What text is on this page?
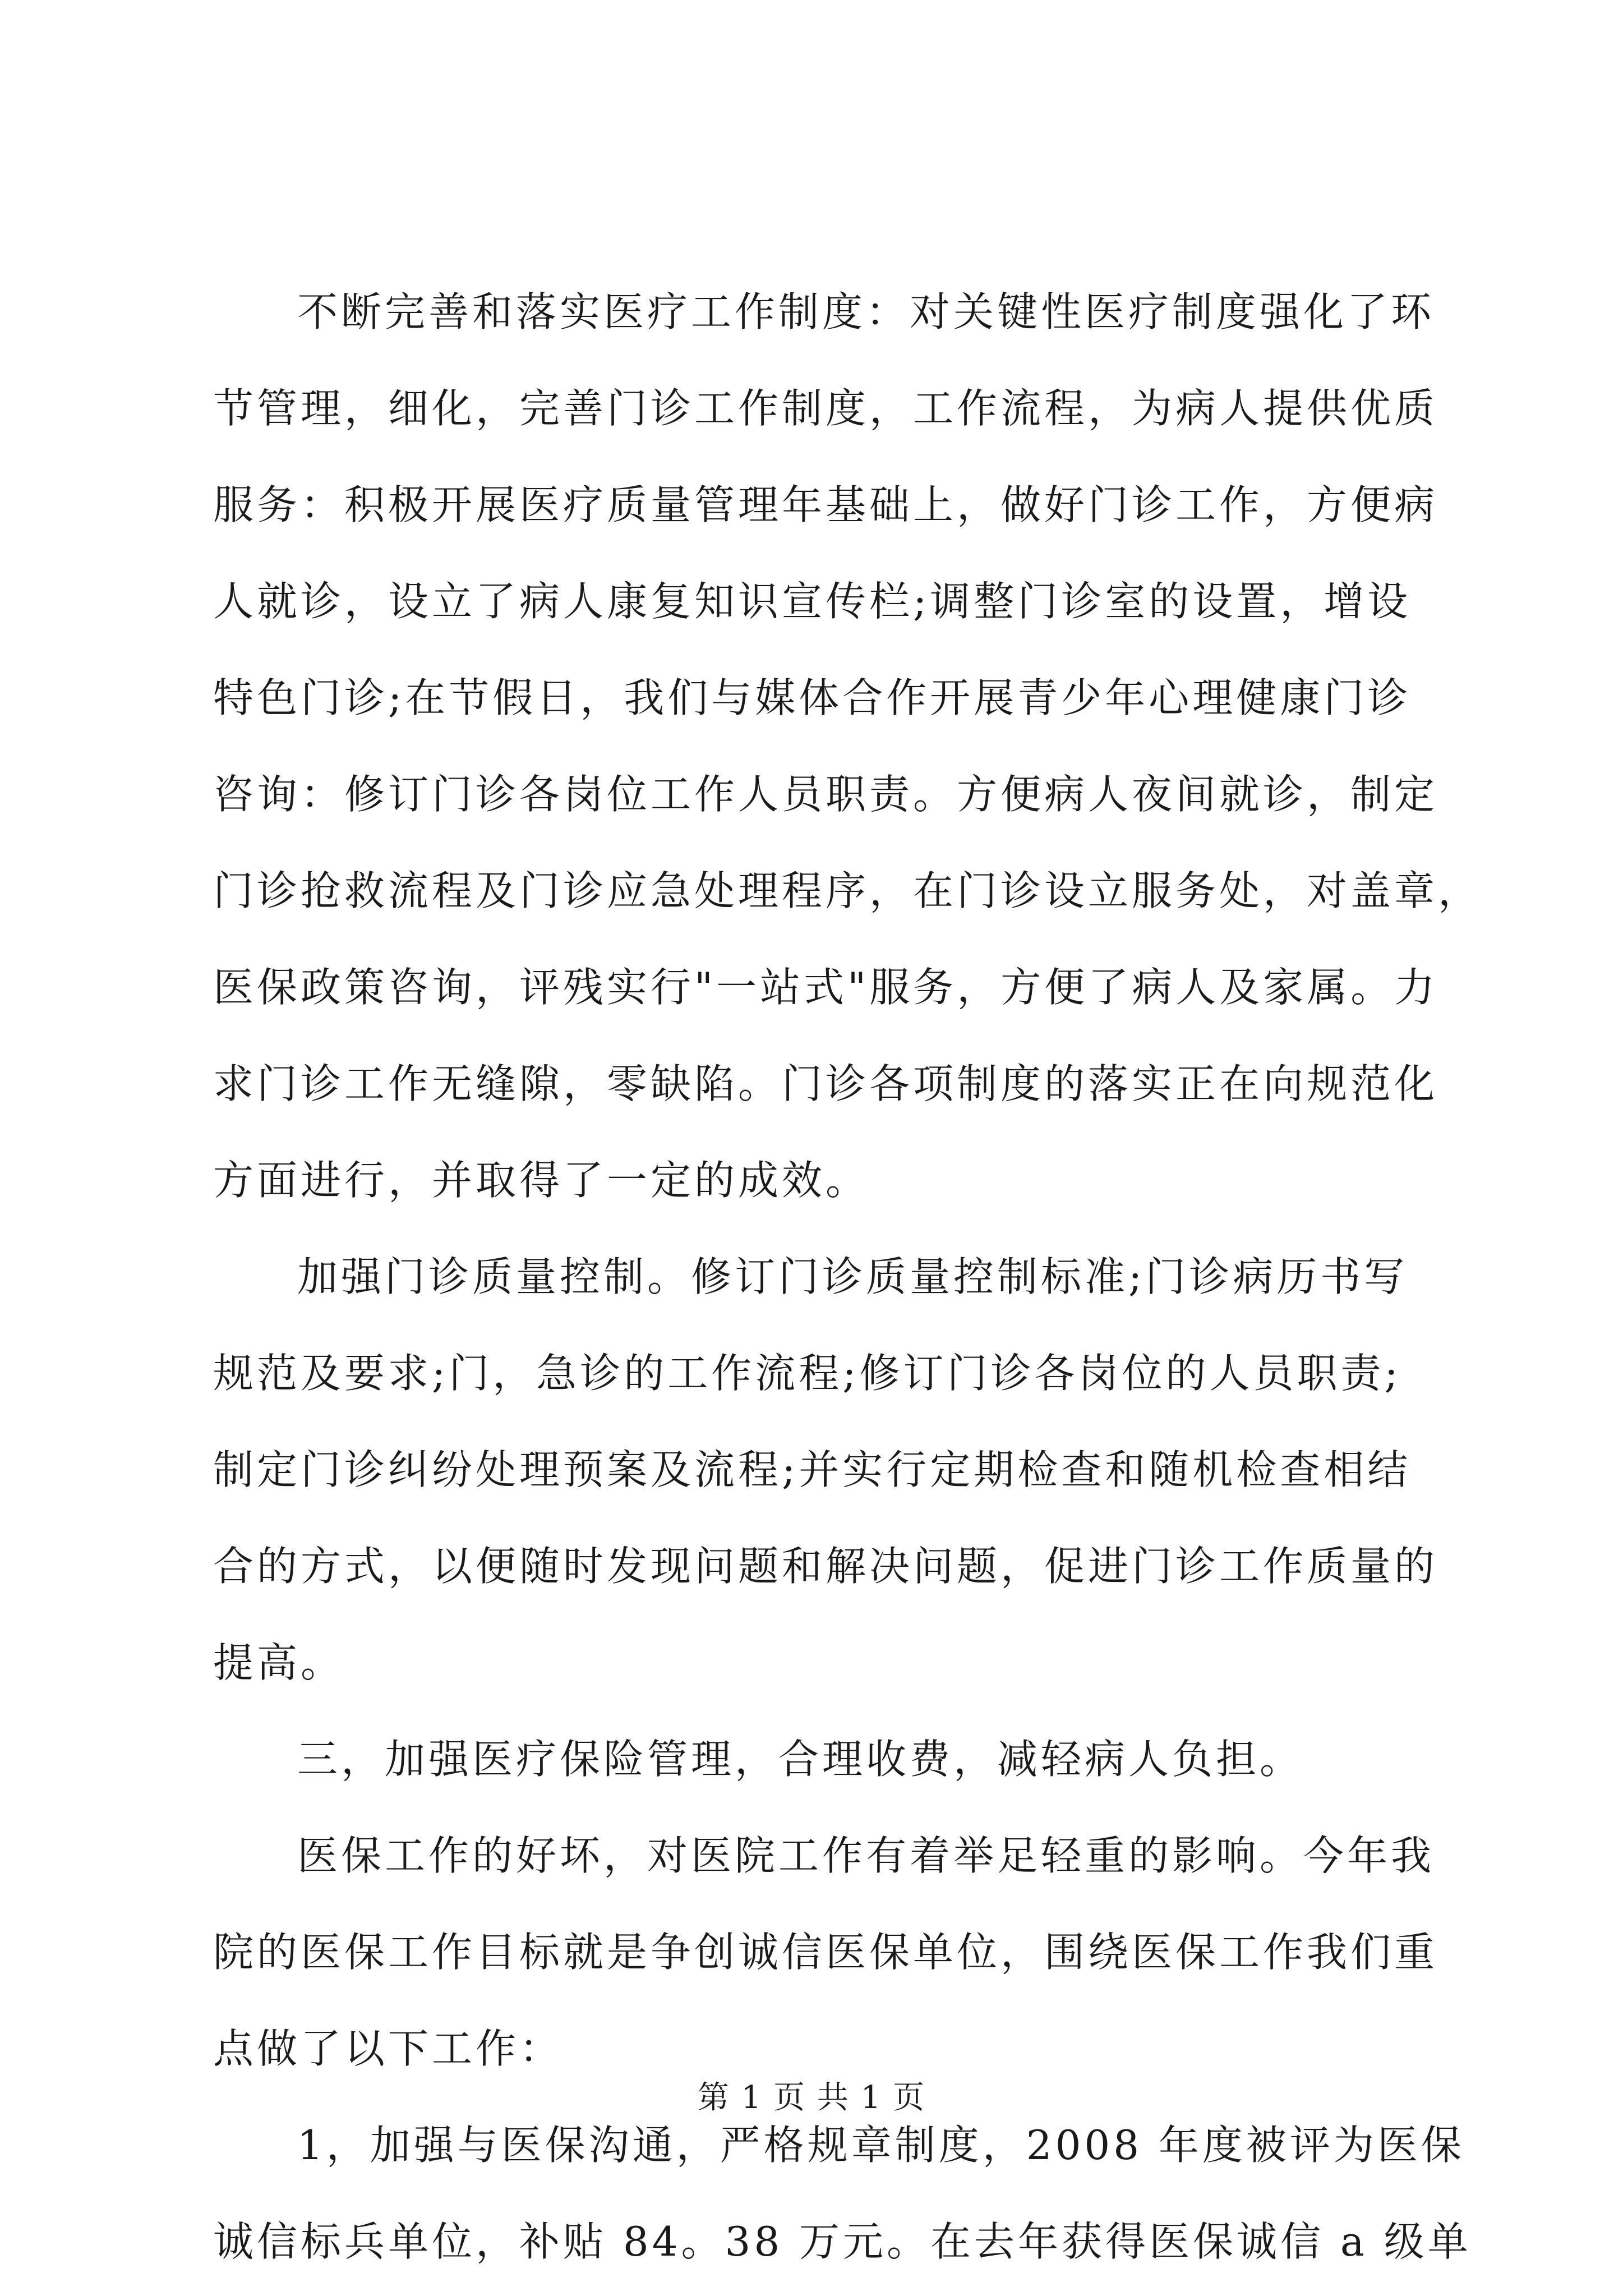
不断完善和落实医疗工作制度：对关键性医疗制度强化了环
节管理，细化，完善门诊工作制度，工作流程，为病人提供优质
服务：积极开展医疗质量管理年基础上，做好门诊工作，方便病
人就诊，设立了病人康复知识宣传栏;调整门诊室的设置，增设
特色门诊;在节假日，我们与媒体合作开展青少年心理健康门诊
咨询：修订门诊各岗位工作人员职责。方便病人夜间就诊，制定
门诊抢救流程及门诊应急处理程序，在门诊设立服务处，对盖章，
医保政策咨询，评残实行"一站式"服务，方便了病人及家属。力
求门诊工作无缝隙，零缺陷。门诊各项制度的落实正在向规范化
方面进行，并取得了一定的成效。
加强门诊质量控制。修订门诊质量控制标准;门诊病历书写
规范及要求;门，急诊的工作流程;修订门诊各岗位的人员职责;
制定门诊纠纷处理预案及流程;并实行定期检查和随机检查相结
合的方式，以便随时发现问题和解决问题，促进门诊工作质量的
提高。
三，加强医疗保险管理，合理收费，减轻病人负担。
医保工作的好坏，对医院工作有着举足轻重的影响。今年我
院的医保工作目标就是争创诚信医保单位，围绕医保工作我们重
点做了以下工作：
1，加强与医保沟通，严格规章制度，2008 年度被评为医保
诚信标兵单位，补贴 84。38 万元。在去年获得医保诚信 a 级单
第 1 页 共 1 页
